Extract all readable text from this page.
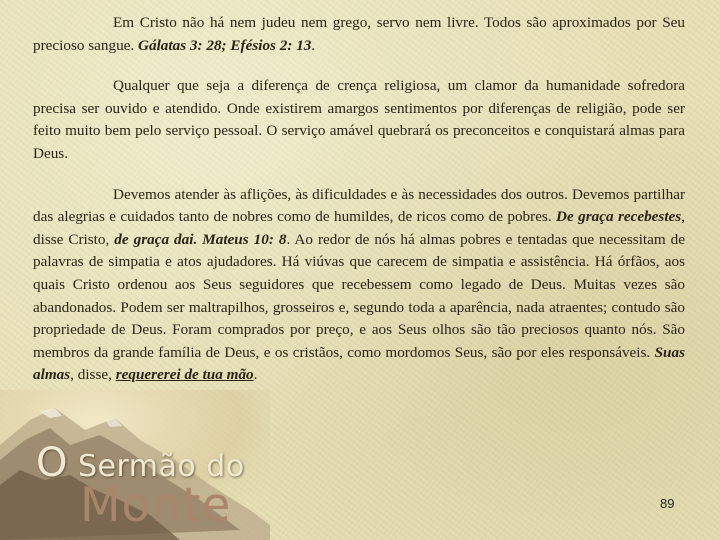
Em Cristo não há nem judeu nem grego, servo nem livre. Todos são aproximados por Seu precioso sangue. Gálatas 3: 28; Efésios 2: 13.

Qualquer que seja a diferença de crença religiosa, um clamor da humanidade sofredora precisa ser ouvido e atendido. Onde existirem amargos sentimentos por diferenças de religião, pode ser feito muito bem pelo serviço pessoal. O serviço amável quebrará os preconceitos e conquistará almas para Deus.

Devemos atender às aflições, às dificuldades e às necessidades dos outros. Devemos partilhar das alegrias e cuidados tanto de nobres como de humildes, de ricos como de pobres. De graça recebestes, disse Cristo, de graça dai. Mateus 10: 8. Ao redor de nós há almas pobres e tentadas que necessitam de palavras de simpatia e atos ajudadores. Há viúvas que carecem de simpatia e assistência. Há órfãos, aos quais Cristo ordenou aos Seus seguidores que recebessem como legado de Deus. Muitas vezes são abandonados. Podem ser maltrapilhos, grosseiros e, segundo toda a aparência, nada atraentes; contudo são propriedade de Deus. Foram comprados por preço, e aos Seus olhos são tão preciosos quanto nós. São membros da grande família de Deus, e os cristãos, como mordomos Seus, são por eles responsáveis. Suas almas, disse, requererei de tua mão.

O Sermão do
Monte	89
